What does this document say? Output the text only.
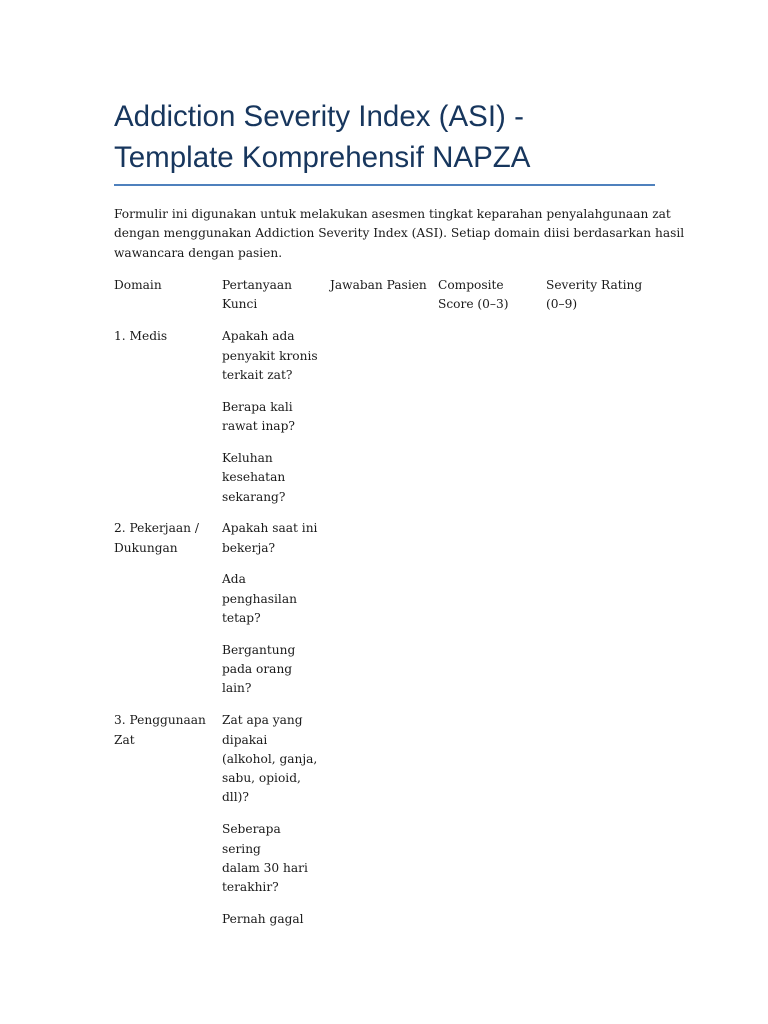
Addiction Severity Index (ASI) -
Template Komprehensif NAPZA

Formulir ini digunakan untuk melakukan asesmen tingkat keparahan penyalahgunaan zat
dengan menggunakan Addiction Severity Index (ASI). Setiap domain diisi berdasarkan hasil
wawancara dengan pasien.

Domain	Pertanyaan
Kunci
Jawaban Pasien Composite
Score (0–3)
Severity Rating
(0–9)
1. Medis	Apakah ada
penyakit kronis
terkait zat?
Berapa kali
rawat inap?
Keluhan
kesehatan
sekarang?
2. Pekerjaan /
Dukungan
Apakah saat ini
bekerja?
Ada
penghasilan
tetap?
Bergantung
pada orang
lain?
3. Penggunaan
Zat
Zat apa yang
dipakai
(alkohol, ganja,
sabu, opioid,
dll)?
Seberapa sering
dalam 30 hari
terakhir?
Pernah gagal
